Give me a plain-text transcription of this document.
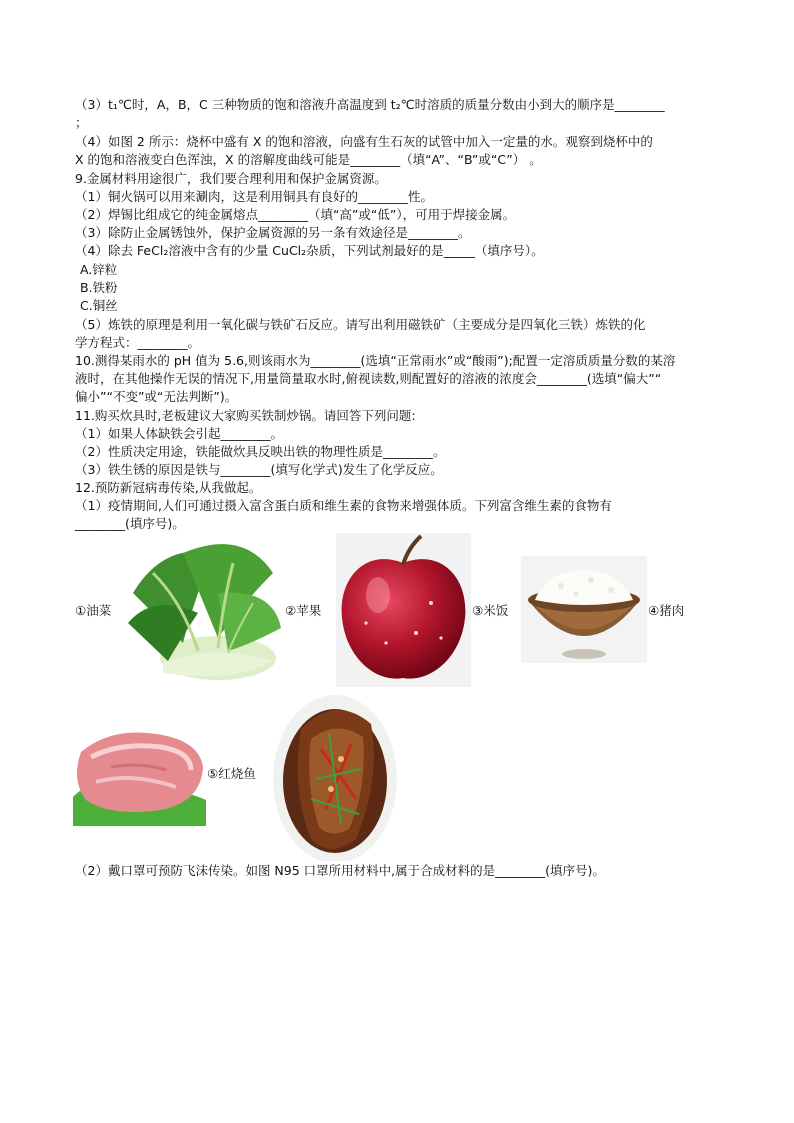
（3）t₁℃时，A，B，C 三种物质的饱和溶液升高温度到 t₂℃时溶质的质量分数由小到大的顺序是________
；
（4）如图 2 所示：烧杯中盛有 X 的饱和溶液，向盛有生石灰的试管中加入一定量的水。观察到烧杯中的
X 的饱和溶液变白色浑浊，X 的溶解度曲线可能是________（填“A”、“B”或“C”） 。
9.金属材料用途很广，我们要合理利用和保护金属资源。
（1）铜火锅可以用来涮肉，这是利用铜具有良好的________性。
（2）焊锡比组成它的纯金属熔点________（填“高”或“低”），可用于焊接金属。
（3）除防止金属锈蚀外，保护金属资源的另一条有效途径是________。
（4）除去 FeCl₂溶液中含有的少量 CuCl₂杂质，下列试剂最好的是_____（填序号）。
A.锌粒
B.铁粉
C.铜丝
（5）炼铁的原理是利用一氧化碳与铁矿石反应。请写出利用磁铁矿（主要成分是四氧化三铁）炼铁的化
学方程式：________。
10.测得某雨水的 pH 值为 5.6,则该雨水为________(选填“正常雨水”或“酸雨”);配置一定溶质质量分数的某溶
液时，在其他操作无误的情况下,用量筒量取水时,俯视读数,则配置好的溶液的浓度会________(选填“偏大”“
偏小”“不变”或“无法判断”)。
11.购买炊具时,老板建议大家购买铁制炒锅。请回答下列问题:
（1）如果人体缺铁会引起________。
（2）性质决定用途，铁能做炊具反映出铁的物理性质是________。
（3）铁生锈的原因是铁与________(填写化学式)发生了化学反应。
12.预防新冠病毒传染,从我做起。
（1）疫情期间,人们可通过摄入富含蛋白质和维生素的食物来增强体质。下列富含维生素的食物有
________(填序号)。
①油菜	②苹果	③米饭	④猪肉
⑤红烧鱼
（2）戴口罩可预防飞沫传染。如图 N95 口罩所用材料中,属于合成材料的是________(填序号)。
